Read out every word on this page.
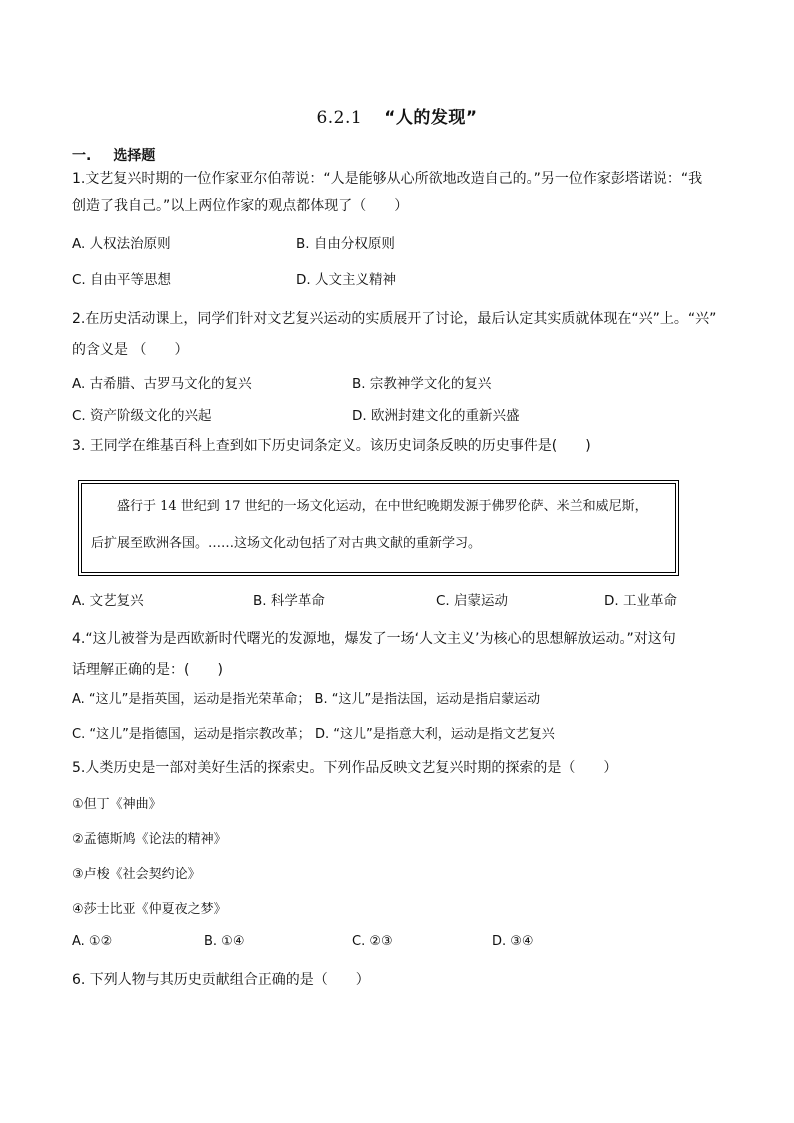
6.2.1 “人的发现”
一. 选择题
1.文艺复兴时期的一位作家亚尔伯蒂说：“人是能够从心所欲地改造自己的。”另一位作家彭塔诺说：“我
创造了我自己。”以上两位作家的观点都体现了（　　）
A. 人权法治原则	B. 自由分权原则
C. 自由平等思想	D. 人文主义精神
2.在历史活动课上，同学们针对文艺复兴运动的实质展开了讨论，最后认定其实质就体现在“兴”上。“兴”
的含义是 （　　）
A. 古希腊、古罗马文化的复兴	B. 宗教神学文化的复兴
C. 资产阶级文化的兴起	D. 欧洲封建文化的重新兴盛
3. 王同学在维基百科上查到如下历史词条定义。该历史词条反映的历史事件是(　　)
盛行于 14 世纪到 17 世纪的一场文化运动，在中世纪晚期发源于佛罗伦萨、米兰和威尼斯，
后扩展至欧洲各国。……这场文化动包括了对古典文献的重新学习。
A. 文艺复兴	B. 科学革命	C. 启蒙运动	D. 工业革命
4.“这儿被誉为是西欧新时代曙光的发源地，爆发了一场‘人文主义’为核心的思想解放运动。”对这句
话理解正确的是：(　　)
A. “这儿”是指英国，运动是指光荣革命； B. “这儿”是指法国，运动是指启蒙运动
C. “这儿”是指德国，运动是指宗教改革； D. “这儿”是指意大利，运动是指文艺复兴
5.人类历史是一部对美好生活的探索史。下列作品反映文艺复兴时期的探索的是（　　）
①但丁《神曲》
②孟德斯鸠《论法的精神》
③卢梭《社会契约论》
④莎士比亚《仲夏夜之梦》
A. ①②	B. ①④	C. ②③	D. ③④
6. 下列人物与其历史贡献组合正确的是（　　）
